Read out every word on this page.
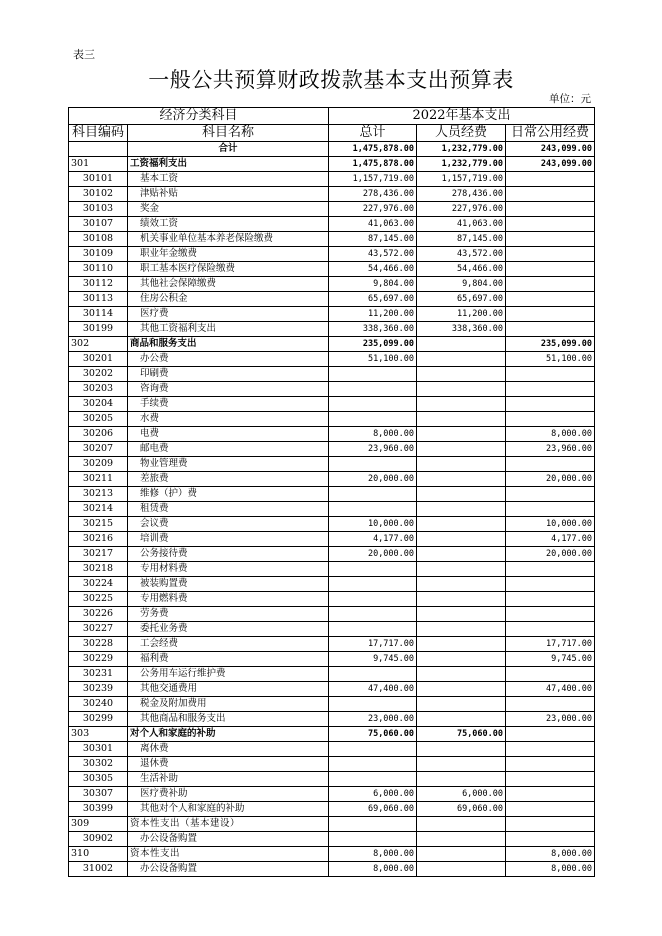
表三
一般公共预算财政拨款基本支出预算表
单位：元
经济分类科目		2022年基本支出		
科目编码	科目名称	总计	人员经费	日常公用经费
	合计	1,475,878.00	1,232,779.00	243,099.00
301	工资福利支出	1,475,878.00	1,232,779.00	243,099.00
30101	基本工资	1,157,719.00	1,157,719.00	
30102	津贴补贴	278,436.00	278,436.00	
30103	奖金	227,976.00	227,976.00	
30107	绩效工资	41,063.00	41,063.00	
30108	机关事业单位基本养老保险缴费	87,145.00	87,145.00	
30109	职业年金缴费	43,572.00	43,572.00	
30110	职工基本医疗保险缴费	54,466.00	54,466.00	
30112	其他社会保障缴费	9,804.00	9,804.00	
30113	住房公积金	65,697.00	65,697.00	
30114	医疗费	11,200.00	11,200.00	
30199	其他工资福利支出	338,360.00	338,360.00	
302	商品和服务支出	235,099.00		235,099.00
30201	办公费	51,100.00		51,100.00
30202	印刷费			
30203	咨询费			
30204	手续费			
30205	水费			
30206	电费	8,000.00		8,000.00
30207	邮电费	23,960.00		23,960.00
30209	物业管理费			
30211	差旅费	20,000.00		20,000.00
30213	维修（护）费			
30214	租赁费			
30215	会议费	10,000.00		10,000.00
30216	培训费	4,177.00		4,177.00
30217	公务接待费	20,000.00		20,000.00
30218	专用材料费			
30224	被装购置费			
30225	专用燃料费			
30226	劳务费			
30227	委托业务费			
30228	工会经费	17,717.00		17,717.00
30229	福利费	9,745.00		9,745.00
30231	公务用车运行维护费			
30239	其他交通费用	47,400.00		47,400.00
30240	税金及附加费用			
30299	其他商品和服务支出	23,000.00		23,000.00
303	对个人和家庭的补助	75,060.00	75,060.00	
30301	离休费			
30302	退休费			
30305	生活补助			
30307	医疗费补助	6,000.00	6,000.00	
30399	其他对个人和家庭的补助	69,060.00	69,060.00	
309	资本性支出（基本建设）			
30902	办公设备购置			
310	资本性支出	8,000.00		8,000.00
31002	办公设备购置	8,000.00		8,000.00
